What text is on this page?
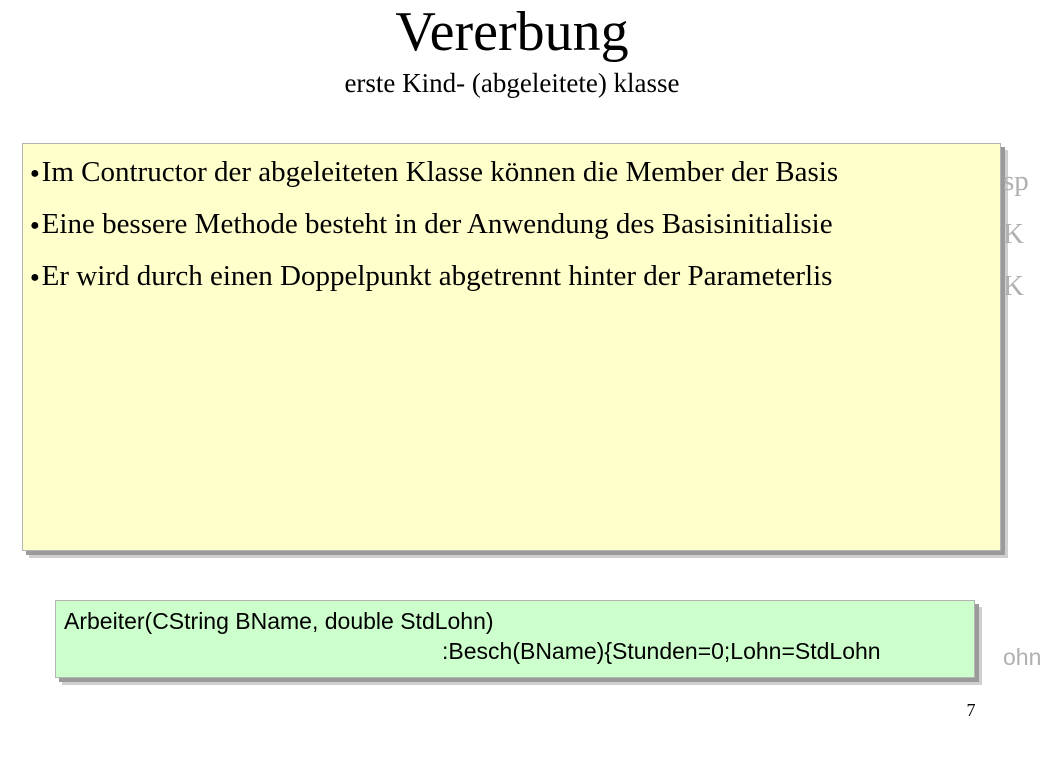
Vererbung
erste Kind- (abgeleitete) klasse
●Im Contructor der abgeleiteten Klasse können die Member der Basis
●Eine bessere Methode besteht in der Anwendung des Basisinitialisie
●Er wird durch einen Doppelpunkt abgetrennt hinter der Parameterlis
sp
K
K
Arbeiter(CString BName, double StdLohn)
:Besch(BName){Stunden=0;Lohn=StdLohn	ohn
7
